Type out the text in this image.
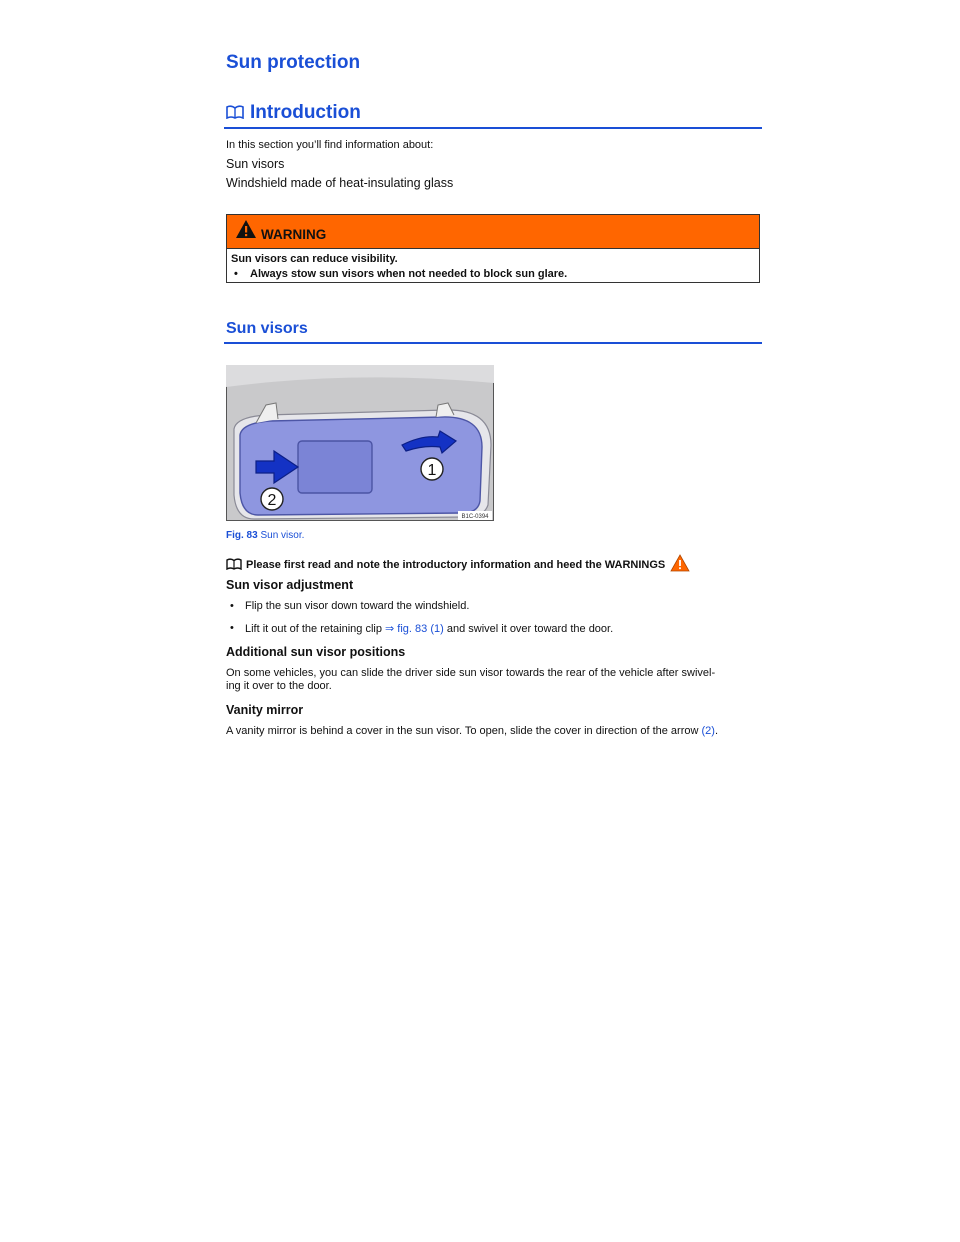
Sun protection
Introduction
In this section you’ll find information about:
Sun visors
Windshield made of heat-insulating glass
WARNING
Sun visors can reduce visibility.
• Always stow sun visors when not needed to block sun glare.
Sun visors
1
2
B1C-0394
Fig. 83 Sun visor.
Please first read and note the introductory information and heed the WARNINGS
Sun visor adjustment
• Flip the sun visor down toward the windshield.
• Lift it out of the retaining clip ⇒ fig. 83 (1) and swivel it over toward the door.
Additional sun visor positions
On some vehicles, you can slide the driver side sun visor towards the rear of the vehicle after swivel-
ing it over to the door.
Vanity mirror
A vanity mirror is behind a cover in the sun visor. To open, slide the cover in direction of the arrow (2).
